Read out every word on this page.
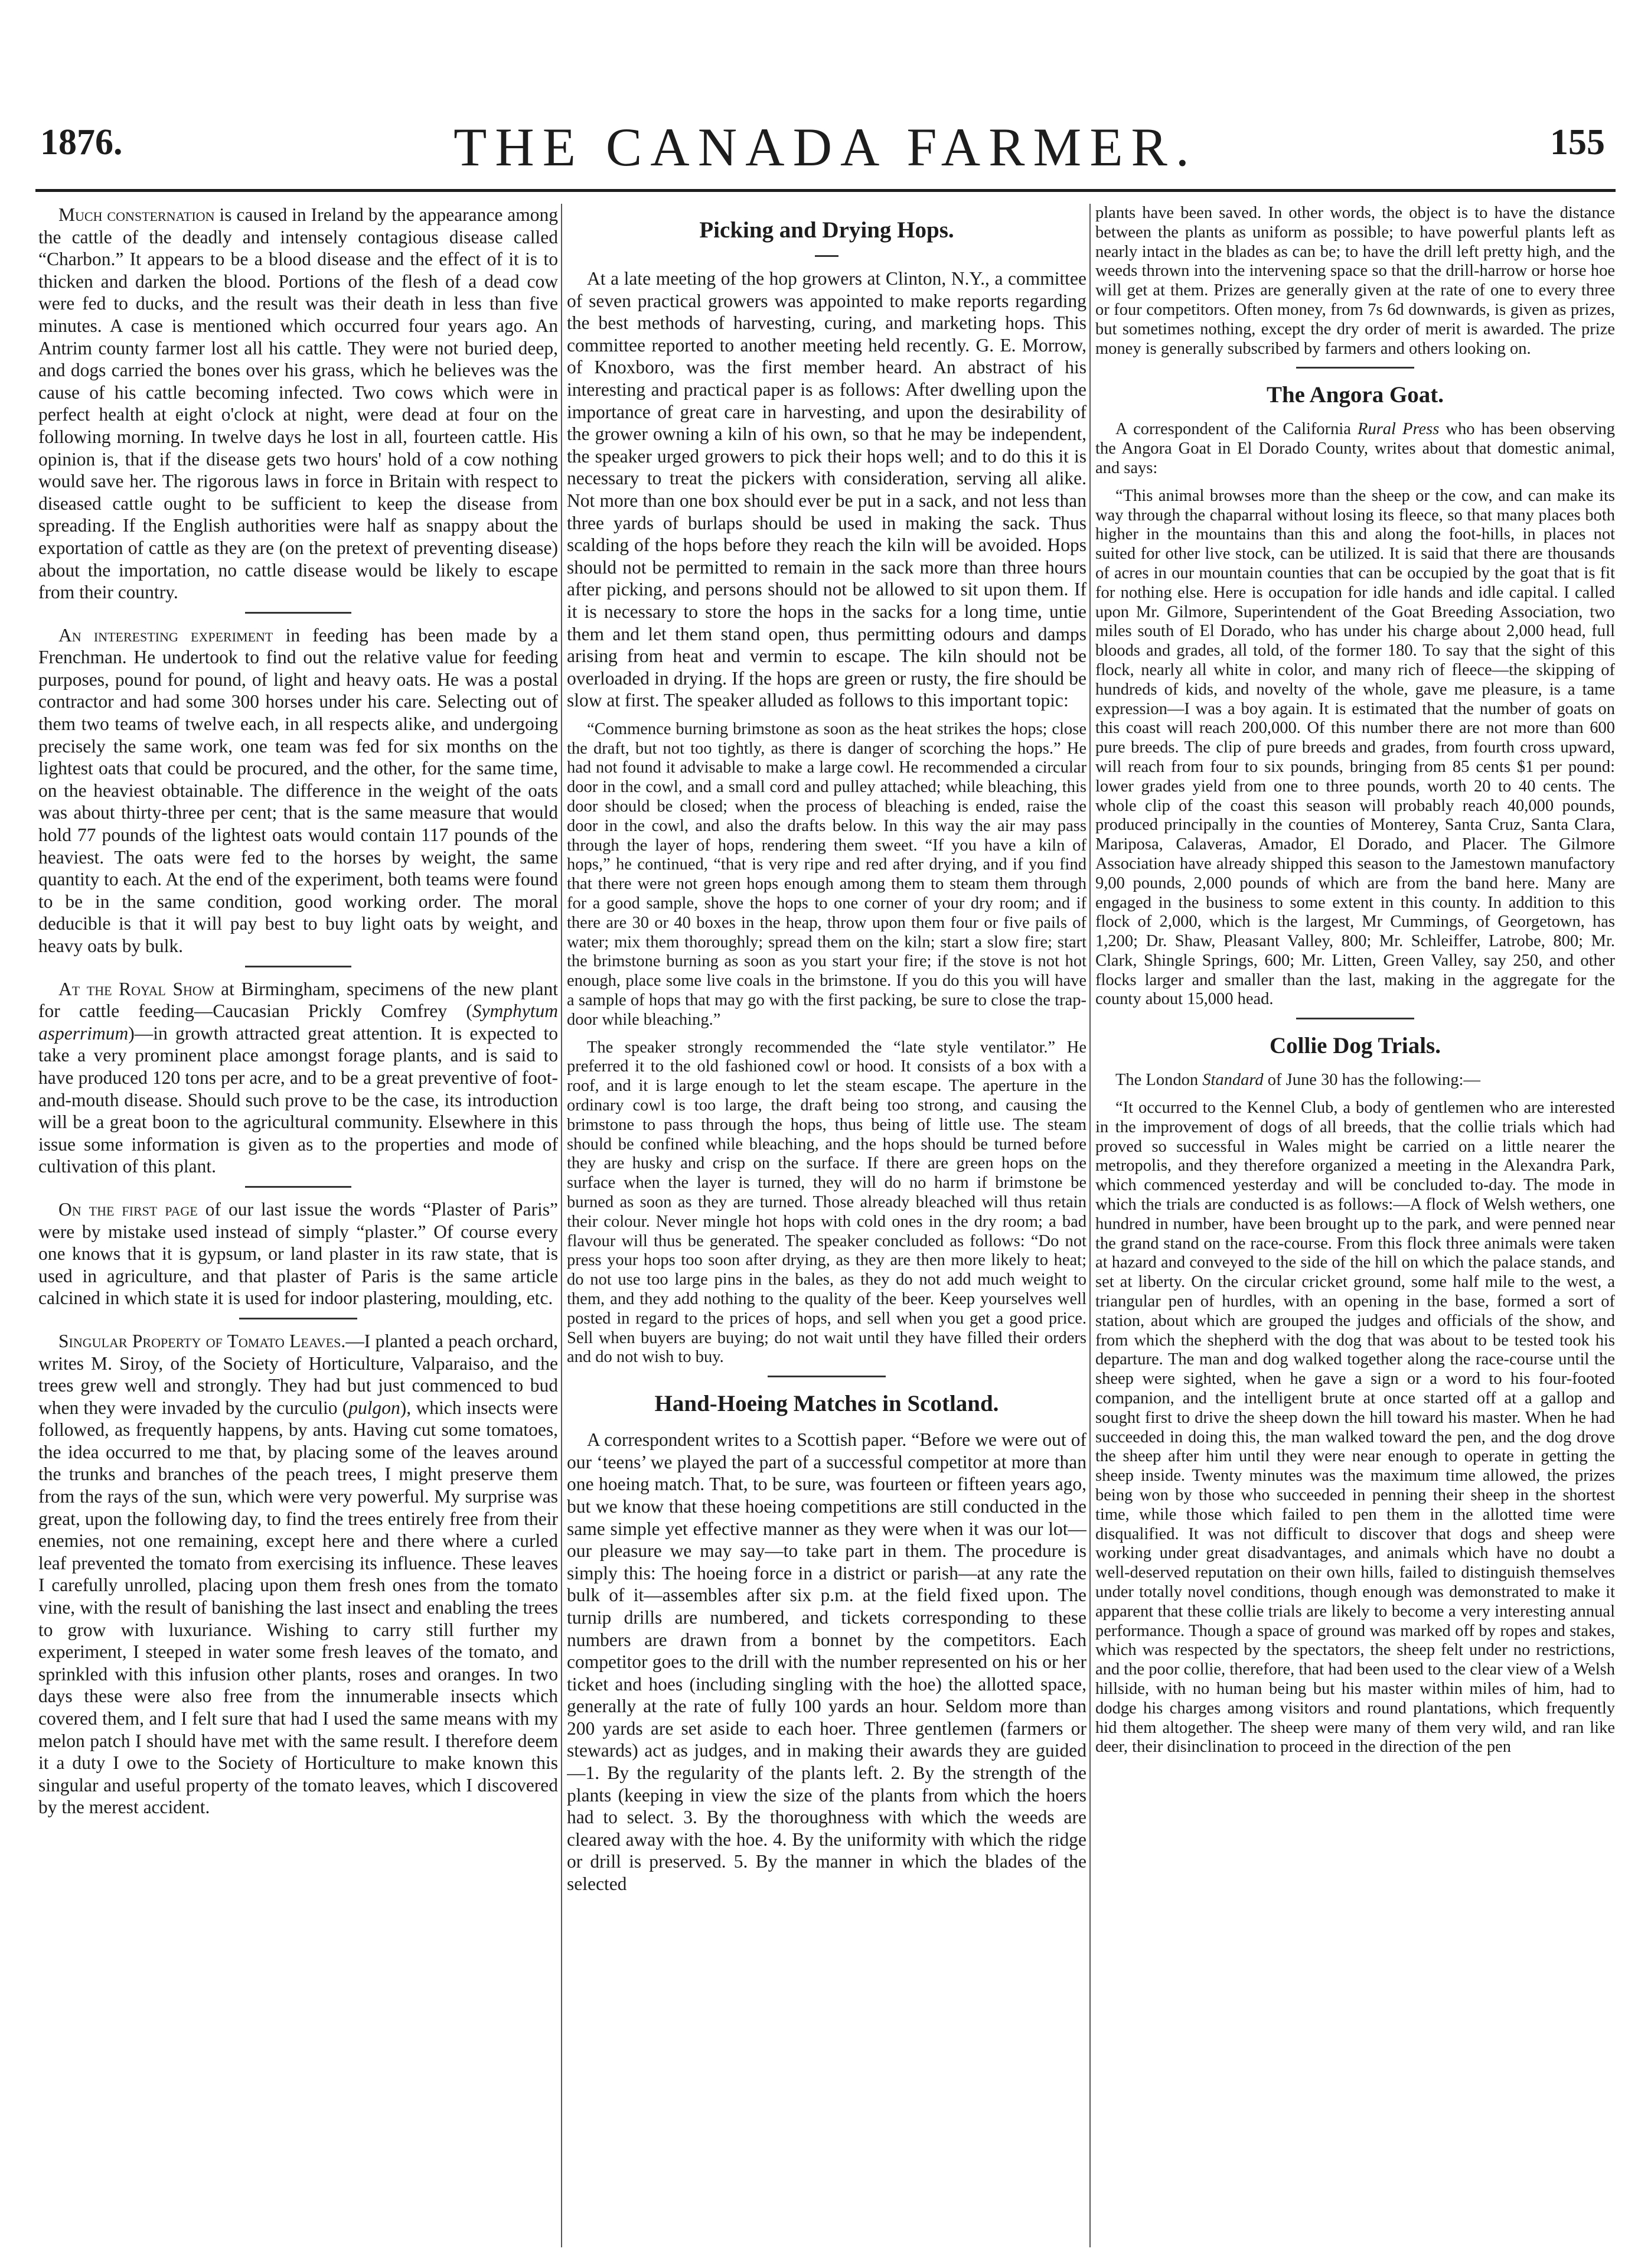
1876.	THE CANADA FARMER.	155

Much consternation is caused in Ireland by the appearance among the cattle of the deadly and intensely contagious disease called “Charbon.” It appears to be a blood disease and the effect of it is to thicken and darken the blood. Portions of the flesh of a dead cow were fed to ducks, and the result was their death in less than five minutes. A case is mentioned which occurred four years ago. An Antrim county farmer lost all his cattle. They were not buried deep, and dogs carried the bones over his grass, which he believes was the cause of his cattle becoming infected. Two cows which were in perfect health at eight o'clock at night, were dead at four on the following morning. In twelve days he lost in all, fourteen cattle. His opinion is, that if the disease gets two hours' hold of a cow nothing would save her. The rigorous laws in force in Britain with respect to diseased cattle ought to be sufficient to keep the disease from spreading. If the English authorities were half as snappy about the exportation of cattle as they are (on the pretext of preventing disease) about the importation, no cattle disease would be likely to escape from their country.

An interesting experiment in feeding has been made by a Frenchman. He undertook to find out the relative value for feeding purposes, pound for pound, of light and heavy oats. He was a postal contractor and had some 300 horses under his care. Selecting out of them two teams of twelve each, in all respects alike, and undergoing precisely the same work, one team was fed for six months on the lightest oats that could be procured, and the other, for the same time, on the heaviest obtainable. The difference in the weight of the oats was about thirty-three per cent; that is the same measure that would hold 77 pounds of the lightest oats would contain 117 pounds of the heaviest. The oats were fed to the horses by weight, the same quantity to each. At the end of the experiment, both teams were found to be in the same condition, good working order. The moral deducible is that it will pay best to buy light oats by weight, and heavy oats by bulk.

At the Royal Show at Birmingham, specimens of the new plant for cattle feeding—Caucasian Prickly Comfrey (Symphytum asperrimum)—in growth attracted great attention. It is expected to take a very prominent place amongst forage plants, and is said to have produced 120 tons per acre, and to be a great preventive of foot-and-mouth disease. Should such prove to be the case, its introduction will be a great boon to the agricultural community. Elsewhere in this issue some information is given as to the properties and mode of cultivation of this plant.

On the first page of our last issue the words “Plaster of Paris” were by mistake used instead of simply “plaster.” Of course every one knows that it is gypsum, or land plaster in its raw state, that is used in agriculture, and that plaster of Paris is the same article calcined in which state it is used for indoor plastering, moulding, etc.

Singular Property of Tomato Leaves.—I planted a peach orchard, writes M. Siroy, of the Society of Horticulture, Valparaiso, and the trees grew well and strongly. They had but just commenced to bud when they were invaded by the curculio (pulgon), which insects were followed, as frequently happens, by ants. Having cut some tomatoes, the idea occurred to me that, by placing some of the leaves around the trunks and branches of the peach trees, I might preserve them from the rays of the sun, which were very powerful. My surprise was great, upon the following day, to find the trees entirely free from their enemies, not one remaining, except here and there where a curled leaf prevented the tomato from exercising its influence. These leaves I carefully unrolled, placing upon them fresh ones from the tomato vine, with the result of banishing the last insect and enabling the trees to grow with luxuriance. Wishing to carry still further my experiment, I steeped in water some fresh leaves of the tomato, and sprinkled with this infusion other plants, roses and oranges. In two days these were also free from the innumerable insects which covered them, and I felt sure that had I used the same means with my melon patch I should have met with the same result. I therefore deem it a duty I owe to the Society of Horticulture to make known this singular and useful property of the tomato leaves, which I discovered by the merest accident.

Picking and Drying Hops.

At a late meeting of the hop growers at Clinton, N.Y., a committee of seven practical growers was appointed to make reports regarding the best methods of harvesting, curing, and marketing hops. This committee reported to another meeting held recently. G. E. Morrow, of Knoxboro, was the first member heard. An abstract of his interesting and practical paper is as follows: After dwelling upon the importance of great care in harvesting, and upon the desirability of the grower owning a kiln of his own, so that he may be independent, the speaker urged growers to pick their hops well; and to do this it is necessary to treat the pickers with consideration, serving all alike. Not more than one box should ever be put in a sack, and not less than three yards of burlaps should be used in making the sack. Thus scalding of the hops before they reach the kiln will be avoided. Hops should not be permitted to remain in the sack more than three hours after picking, and persons should not be allowed to sit upon them. If it is necessary to store the hops in the sacks for a long time, untie them and let them stand open, thus permitting odours and damps arising from heat and vermin to escape. The kiln should not be overloaded in drying. If the hops are green or rusty, the fire should be slow at first. The speaker alluded as follows to this important topic:

“Commence burning brimstone as soon as the heat strikes the hops; close the draft, but not too tightly, as there is danger of scorching the hops.” He had not found it advisable to make a large cowl. He recommended a circular door in the cowl, and a small cord and pulley attached; while bleaching, this door should be closed; when the process of bleaching is ended, raise the door in the cowl, and also the drafts below. In this way the air may pass through the layer of hops, rendering them sweet. “If you have a kiln of hops,” he continued, “that is very ripe and red after drying, and if you find that there were not green hops enough among them to steam them through for a good sample, shove the hops to one corner of your dry room; and if there are 30 or 40 boxes in the heap, throw upon them four or five pails of water; mix them thoroughly; spread them on the kiln; start a slow fire; start the brimstone burning as soon as you start your fire; if the stove is not hot enough, place some live coals in the brimstone. If you do this you will have a sample of hops that may go with the first packing, be sure to close the trap-door while bleaching.”

The speaker strongly recommended the “late style ventilator.” He preferred it to the old fashioned cowl or hood. It consists of a box with a roof, and it is large enough to let the steam escape. The aperture in the ordinary cowl is too large, the draft being too strong, and causing the brimstone to pass through the hops, thus being of little use. The steam should be confined while bleaching, and the hops should be turned before they are husky and crisp on the surface. If there are green hops on the surface when the layer is turned, they will do no harm if brimstone be burned as soon as they are turned. Those already bleached will thus retain their colour. Never mingle hot hops with cold ones in the dry room; a bad flavour will thus be generated. The speaker concluded as follows: “Do not press your hops too soon after drying, as they are then more likely to heat; do not use too large pins in the bales, as they do not add much weight to them, and they add nothing to the quality of the beer. Keep yourselves well posted in regard to the prices of hops, and sell when you get a good price. Sell when buyers are buying; do not wait until they have filled their orders and do not wish to buy.

Hand-Hoeing Matches in Scotland.

A correspondent writes to a Scottish paper. “Before we were out of our ‘teens’ we played the part of a successful competitor at more than one hoeing match. That, to be sure, was fourteen or fifteen years ago, but we know that these hoeing competitions are still conducted in the same simple yet effective manner as they were when it was our lot—our pleasure we may say—to take part in them. The procedure is simply this: The hoeing force in a district or parish—at any rate the bulk of it—assembles after six p.m. at the field fixed upon. The turnip drills are numbered, and tickets corresponding to these numbers are drawn from a bonnet by the competitors. Each competitor goes to the drill with the number represented on his or her ticket and hoes (including singling with the hoe) the allotted space, generally at the rate of fully 100 yards an hour. Seldom more than 200 yards are set aside to each hoer. Three gentlemen (farmers or stewards) act as judges, and in making their awards they are guided—1. By the regularity of the plants left. 2. By the strength of the plants (keeping in view the size of the plants from which the hoers had to select. 3. By the thoroughness with which the weeds are cleared away with the hoe. 4. By the uniformity with which the ridge or drill is preserved. 5. By the manner in which the blades of the selected

plants have been saved. In other words, the object is to have the distance between the plants as uniform as possible; to have powerful plants left as nearly intact in the blades as can be; to have the drill left pretty high, and the weeds thrown into the intervening space so that the drill-harrow or horse hoe will get at them. Prizes are generally given at the rate of one to every three or four competitors. Often money, from 7s 6d downwards, is given as prizes, but sometimes nothing, except the dry order of merit is awarded. The prize money is generally subscribed by farmers and others looking on.

The Angora Goat.

A correspondent of the California Rural Press who has been observing the Angora Goat in El Dorado County, writes about that domestic animal, and says:

“This animal browses more than the sheep or the cow, and can make its way through the chaparral without losing its fleece, so that many places both higher in the mountains than this and along the foot-hills, in places not suited for other live stock, can be utilized. It is said that there are thousands of acres in our mountain counties that can be occupied by the goat that is fit for nothing else. Here is occupation for idle hands and idle capital. I called upon Mr. Gilmore, Superintendent of the Goat Breeding Association, two miles south of El Dorado, who has under his charge about 2,000 head, full bloods and grades, all told, of the former 180. To say that the sight of this flock, nearly all white in color, and many rich of fleece—the skipping of hundreds of kids, and novelty of the whole, gave me pleasure, is a tame expression—I was a boy again. It is estimated that the number of goats on this coast will reach 200,000. Of this number there are not more than 600 pure breeds. The clip of pure breeds and grades, from fourth cross upward, will reach from four to six pounds, bringing from 85 cents $1 per pound: lower grades yield from one to three pounds, worth 20 to 40 cents. The whole clip of the coast this season will probably reach 40,000 pounds, produced principally in the counties of Monterey, Santa Cruz, Santa Clara, Mariposa, Calaveras, Amador, El Dorado, and Placer. The Gilmore Association have already shipped this season to the Jamestown manufactory 9,00 pounds, 2,000 pounds of which are from the band here. Many are engaged in the business to some extent in this county. In addition to this flock of 2,000, which is the largest, Mr Cummings, of Georgetown, has 1,200; Dr. Shaw, Pleasant Valley, 800; Mr. Schleiffer, Latrobe, 800; Mr. Clark, Shingle Springs, 600; Mr. Litten, Green Valley, say 250, and other flocks larger and smaller than the last, making in the aggregate for the county about 15,000 head.

Collie Dog Trials.

The London Standard of June 30 has the following:—

“It occurred to the Kennel Club, a body of gentlemen who are interested in the improvement of dogs of all breeds, that the collie trials which had proved so successful in Wales might be carried on a little nearer the metropolis, and they therefore organized a meeting in the Alexandra Park, which commenced yesterday and will be concluded to-day. The mode in which the trials are conducted is as follows:—A flock of Welsh wethers, one hundred in number, have been brought up to the park, and were penned near the grand stand on the race-course. From this flock three animals were taken at hazard and conveyed to the side of the hill on which the palace stands, and set at liberty. On the circular cricket ground, some half mile to the west, a triangular pen of hurdles, with an opening in the base, formed a sort of station, about which are grouped the judges and officials of the show, and from which the shepherd with the dog that was about to be tested took his departure. The man and dog walked together along the race-course until the sheep were sighted, when he gave a sign or a word to his four-footed companion, and the intelligent brute at once started off at a gallop and sought first to drive the sheep down the hill toward his master. When he had succeeded in doing this, the man walked toward the pen, and the dog drove the sheep after him until they were near enough to operate in getting the sheep inside. Twenty minutes was the maximum time allowed, the prizes being won by those who succeeded in penning their sheep in the shortest time, while those which failed to pen them in the allotted time were disqualified. It was not difficult to discover that dogs and sheep were working under great disadvantages, and animals which have no doubt a well-deserved reputation on their own hills, failed to distinguish themselves under totally novel conditions, though enough was demonstrated to make it apparent that these collie trials are likely to become a very interesting annual performance. Though a space of ground was marked off by ropes and stakes, which was respected by the spectators, the sheep felt under no restrictions, and the poor collie, therefore, that had been used to the clear view of a Welsh hillside, with no human being but his master within miles of him, had to dodge his charges among visitors and round plantations, which frequently hid them altogether. The sheep were many of them very wild, and ran like deer, their disinclination to proceed in the direction of the pen
